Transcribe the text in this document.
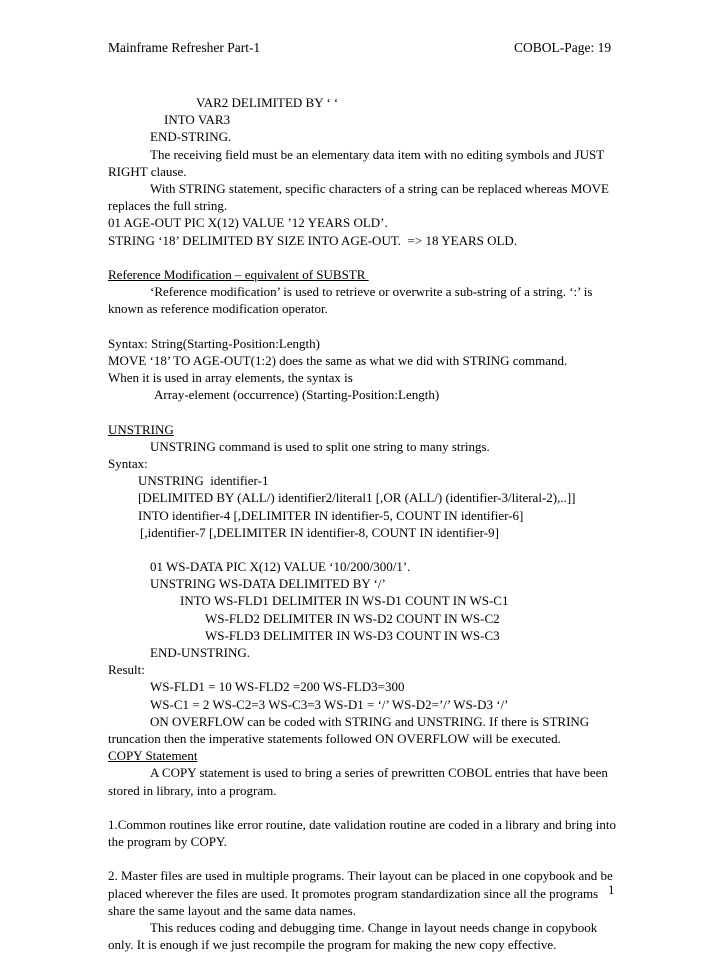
Mainframe Refresher Part-1	COBOL-Page: 19
VAR2 DELIMITED BY ‘ ‘
INTO VAR3
END-STRING.
The receiving field must be an elementary data item with no editing symbols and JUST
RIGHT clause.
With STRING statement, specific characters of a string can be replaced whereas MOVE
replaces the full string.
01 AGE-OUT PIC X(12) VALUE ’12 YEARS OLD’.
STRING ‘18’ DELIMITED BY SIZE INTO AGE-OUT.  => 18 YEARS OLD.
Reference Modification – equivalent of SUBSTR
‘Reference modification’ is used to retrieve or overwrite a sub-string of a string. ‘:’ is
known as reference modification operator.
Syntax: String(Starting-Position:Length)
MOVE ‘18’ TO AGE-OUT(1:2) does the same as what we did with STRING command.
When it is used in array elements, the syntax is
Array-element (occurrence) (Starting-Position:Length)
UNSTRING
UNSTRING command is used to split one string to many strings.
Syntax:
UNSTRING  identifier-1
[DELIMITED BY (ALL/) identifier2/literal1 [,OR (ALL/) (identifier-3/literal-2),..]]
INTO identifier-4 [,DELIMITER IN identifier-5, COUNT IN identifier-6]
[,identifier-7 [,DELIMITER IN identifier-8, COUNT IN identifier-9]
01 WS-DATA PIC X(12) VALUE ‘10/200/300/1’.
UNSTRING WS-DATA DELIMITED BY ‘/’
INTO WS-FLD1 DELIMITER IN WS-D1 COUNT IN WS-C1
WS-FLD2 DELIMITER IN WS-D2 COUNT IN WS-C2
WS-FLD3 DELIMITER IN WS-D3 COUNT IN WS-C3
END-UNSTRING.
Result:
WS-FLD1 = 10 WS-FLD2 =200 WS-FLD3=300
WS-C1 = 2 WS-C2=3 WS-C3=3 WS-D1 = ‘/’ WS-D2=’/’ WS-D3 ‘/’
ON OVERFLOW can be coded with STRING and UNSTRING. If there is STRING
truncation then the imperative statements followed ON OVERFLOW will be executed.
COPY Statement
A COPY statement is used to bring a series of prewritten COBOL entries that have been
stored in library, into a program.
1.Common routines like error routine, date validation routine are coded in a library and bring into
the program by COPY.
2. Master files are used in multiple programs. Their layout can be placed in one copybook and be
placed wherever the files are used. It promotes program standardization since all the programs
share the same layout and the same data names.
This reduces coding and debugging time. Change in layout needs change in copybook
only. It is enough if we just recompile the program for making the new copy effective.
1
